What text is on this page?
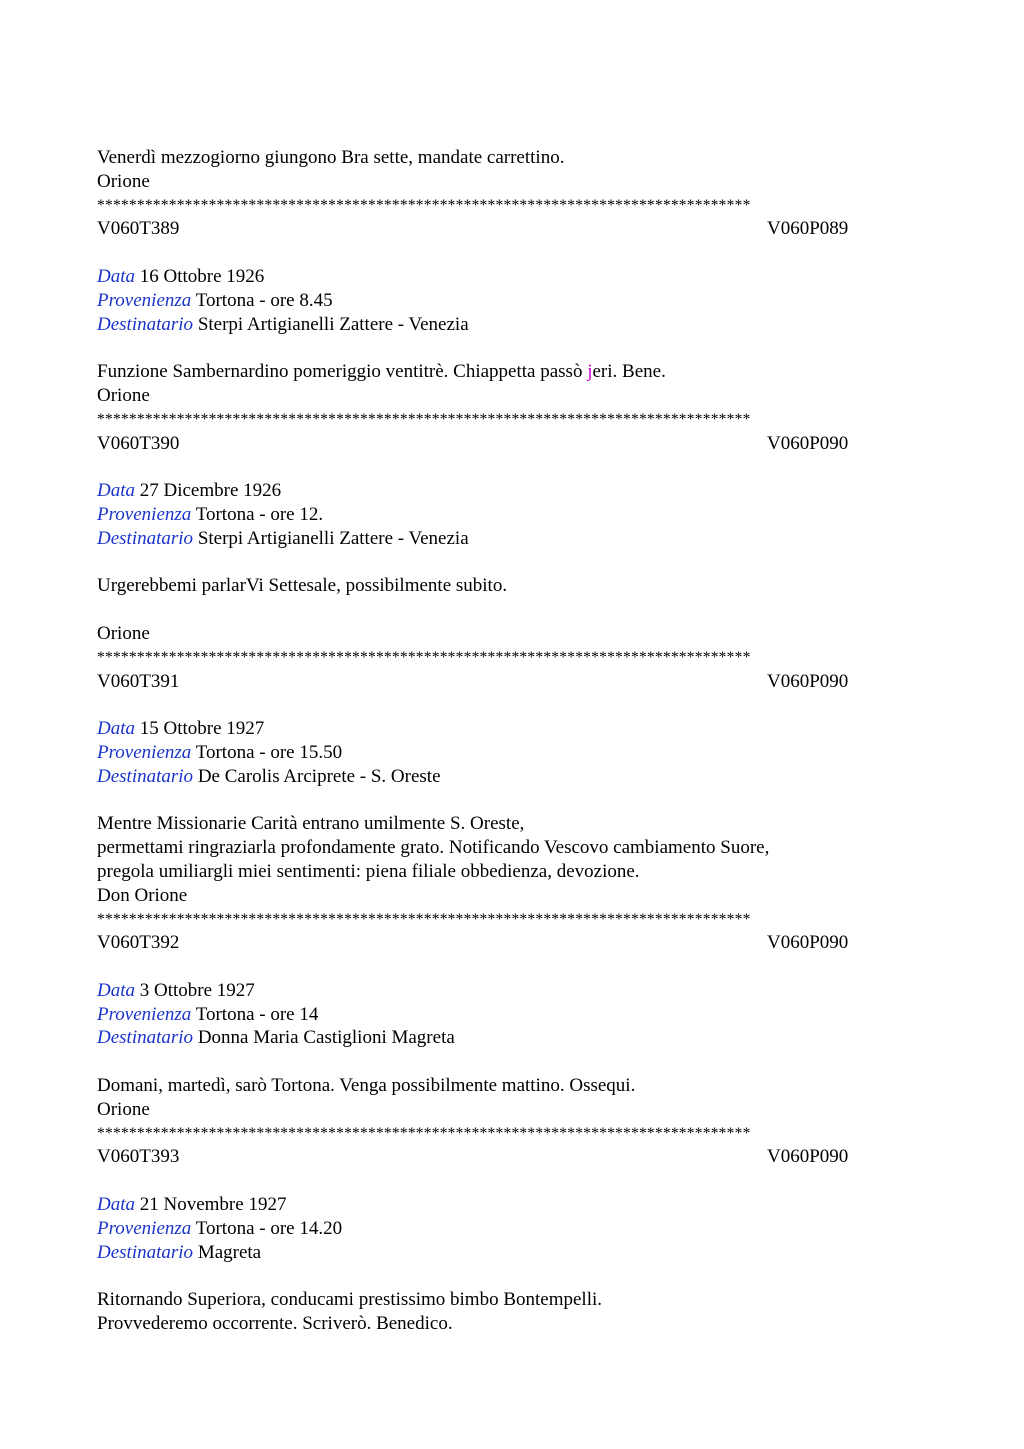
Venerdì mezzogiorno giungono Bra sette, mandate carrettino.
Orione
**********************************************************************************
V060T389	V060P089
Data 16 Ottobre 1926
Provenienza Tortona - ore 8.45
Destinatario Sterpi Artigianelli Zattere - Venezia
Funzione Sambernardino pomeriggio ventitrè. Chiappetta passò jeri. Bene.
Orione
**********************************************************************************
V060T390	V060P090
Data 27 Dicembre 1926
Provenienza Tortona - ore 12.
Destinatario Sterpi Artigianelli Zattere - Venezia
Urgerebbemi parlarVi Settesale, possibilmente subito.
Orione
**********************************************************************************
V060T391	V060P090
Data 15 Ottobre 1927
Provenienza Tortona - ore 15.50
Destinatario De Carolis Arciprete - S. Oreste
Mentre Missionarie Carità entrano umilmente S. Oreste,
permettami ringraziarla profondamente grato. Notificando Vescovo cambiamento Suore,
pregola umiliargli miei sentimenti: piena filiale obbedienza, devozione.
Don Orione
**********************************************************************************
V060T392	V060P090
Data 3 Ottobre 1927
Provenienza Tortona - ore 14
Destinatario Donna Maria Castiglioni Magreta
Domani, martedì, sarò Tortona. Venga possibilmente mattino. Ossequi.
Orione
**********************************************************************************
V060T393	V060P090
Data 21 Novembre 1927
Provenienza Tortona - ore 14.20
Destinatario Magreta
Ritornando Superiora, conducami prestissimo bimbo Bontempelli.
Provvederemo occorrente. Scriverò. Benedico.
